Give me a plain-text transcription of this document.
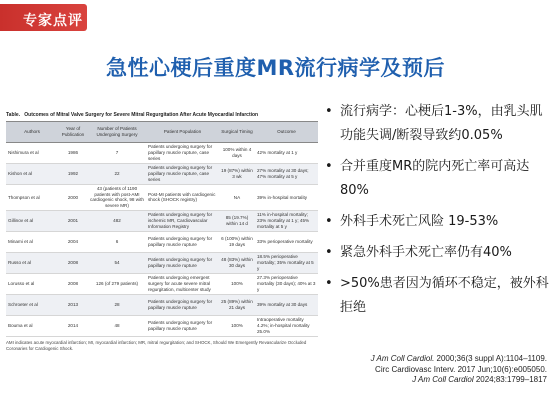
专家点评
急性心梗后重度MR流行病学及预后
Table. Outcomes of Mitral Valve Surgery for Severe Mitral Regurgitation After Acute Myocardial Infarction
Authors	Year of Publication	Number of Patients Undergoing Surgery	Patient Population	Surgical Timing	Outcome
Nishimura et al	1986	7	Patients undergoing surgery for papillary muscle rupture, case series	100% within 4 days	42% mortality at 1 y
Kishon et al	1992	22	Patients undergoing surgery for papillary muscle rupture, case series	19 (87%) within 3 wk	27% mortality at 30 days; 47% mortality at 5 y
Thompson et al	2000	43 (patients of 1190 patients with post-AMI cardiogenic shock, 98 with severe MR)	Post-MI patients with cardiogenic shock (SHOCK registry)	NA	39% in-hospital mortality
Gillinov et al	2001	482	Patients undergoing surgery for ischemic MR, Cardiovascular Information Registry	85 (19.7%) within 14 d	11% in-hospital mortality; 23% mortality at 1 y; 45% mortality at 5 y
Minami et al	2004	6	Patients undergoing surgery for papillary muscle rupture	6 (100%) within 19 days	33% perioperative mortality
Russo et al	2008	54	Patients undergoing surgery for papillary muscle rupture	48 (83%) within 30 days	18.5% perioperative mortality; 35% mortality at 5 y
Lorusso et al	2008	126 (of 279 patients)	Patients undergoing emergent surgery for acute severe mitral regurgitation, multicenter study	100%	27.3% perioperative mortality (30 days); 40% at 3 y
Schroeter et al	2013	28	Patients undergoing surgery for papillary muscle rupture	25 (89%) within 21 days	39% mortality at 30 days
Bouma et al	2014	48	Patients undergoing surgery for papillary muscle rupture	100%	Intraoperative mortality 4.2%; in-hospital mortality 25.0%
AMI indicates acute myocardial infarction; MI, myocardial infarction; MR, mitral regurgitation; and SHOCK, Should We Emergently Revascularize Occluded Coronaries for Cardiogenic Shock.
• 流行病学：心梗后1-3%，由乳头肌功能失调/断裂导致约0.05%
• 合并重度MR的院内死亡率可高达80%
• 外科手术死亡风险 19-53%
• 紧急外科手术死亡率仍有40%
• >50%患者因为循环不稳定，被外科拒绝
J Am Coll Cardiol. 2000;36(3 suppl A):1104–1109.
Circ Cardiovasc Interv. 2017 Jun;10(6):e005050.
J Am Coll Cardiol 2024;83:1799–1817
